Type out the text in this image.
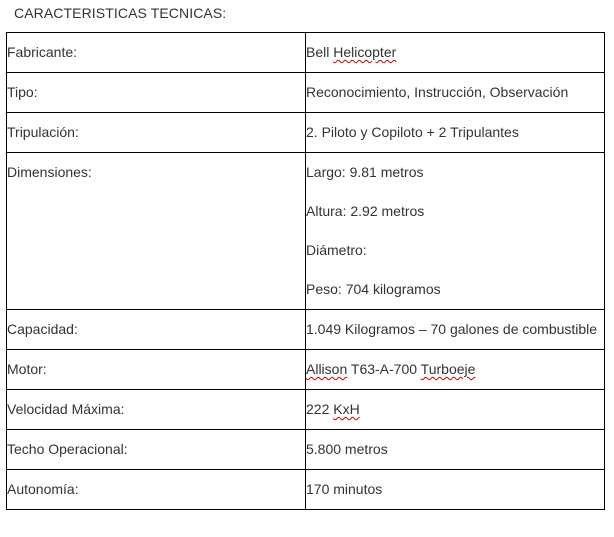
CARACTERISTICAS TECNICAS:
Fabricante:	Bell Helicopter

Tipo:	Reconocimiento, Instrucción, Observación

Tripulación:	2. Piloto y Copiloto + 2 Tripulantes

Dimensiones:	Largo: 9.81 metros
Altura: 2.92 metros
Diámetro:
Peso: 704 kilogramos

Capacidad:	1.049 Kilogramos – 70 galones de combustible

Motor:	Allison T63-A-700 Turboeje

Velocidad Máxima:	222 KxH

Techo Operacional:	5.800 metros

Autonomía:	170 minutos
